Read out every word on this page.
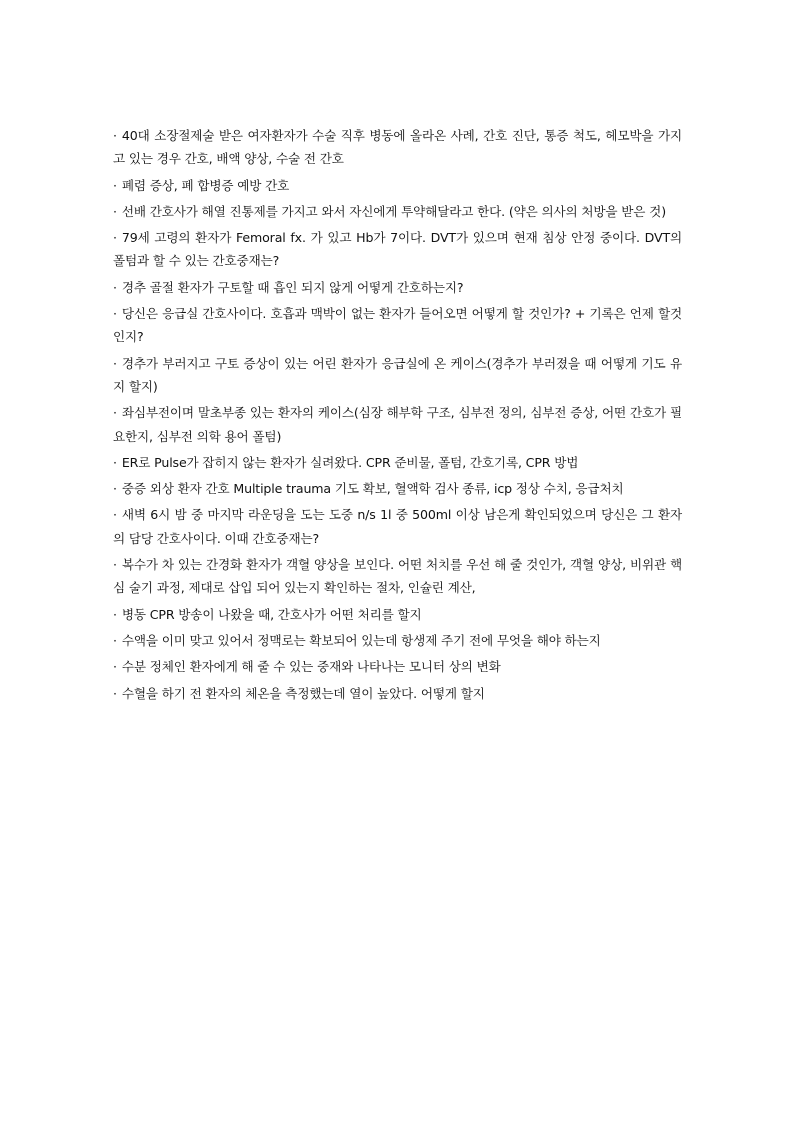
· 40대 소장절제술 받은 여자환자가 수술 직후 병동에 올라온 사례, 간호 진단, 통증 척도, 헤모박을 가지고 있는 경우 간호, 배액 양상, 수술 전 간호
· 폐렴 증상, 폐 합병증 예방 간호
· 선배 간호사가 해열 진통제를 가지고 와서 자신에게 투약해달라고 한다. (약은 의사의 처방을 받은 것)
· 79세 고령의 환자가 Femoral fx. 가 있고 Hb가 7이다. DVT가 있으며 현재 침상 안정 중이다. DVT의 폴텀과 할 수 있는 간호중재는?
· 경추 골절 환자가 구토할 때 흡인 되지 않게 어떻게 간호하는지?
· 당신은 응급실 간호사이다. 호흡과 맥박이 없는 환자가 들어오면 어떻게 할 것인가? + 기록은 언제 할것인지?
· 경추가 부러지고 구토 증상이 있는 어린 환자가 응급실에 온 케이스(경추가 부러졌을 때 어떻게 기도 유지 할지)
· 좌심부전이며 말초부종 있는 환자의 케이스(심장 해부학 구조, 심부전 정의, 심부전 증상, 어떤 간호가 필요한지, 심부전 의학 용어 폴텀)
· ER로 Pulse가 잡히지 않는 환자가 실려왔다. CPR 준비물, 폴텀, 간호기록, CPR 방법
· 중증 외상 환자 간호 Multiple trauma 기도 확보, 혈액학 검사 종류, icp 정상 수치, 응급처치
· 새벽 6시 밤 중 마지막 라운딩을 도는 도중 n/s 1l 중 500ml 이상 남은게 확인되었으며 당신은 그 환자의 담당 간호사이다. 이때 간호중재는?
· 복수가 차 있는 간경화 환자가 객혈 양상을 보인다. 어떤 처치를 우선 해 줄 것인가, 객혈 양상, 비위관 핵심 술기 과정, 제대로 삽입 되어 있는지 확인하는 절차, 인슐린 계산,
· 병동 CPR 방송이 나왔을 때, 간호사가 어떤 처리를 할지
· 수액을 이미 맞고 있어서 정맥로는 확보되어 있는데 항생제 주기 전에 무엇을 해야 하는지
· 수분 정체인 환자에게 해 줄 수 있는 중재와 나타나는 모니터 상의 변화
· 수혈을 하기 전 환자의 체온을 측정했는데 열이 높았다. 어떻게 할지
